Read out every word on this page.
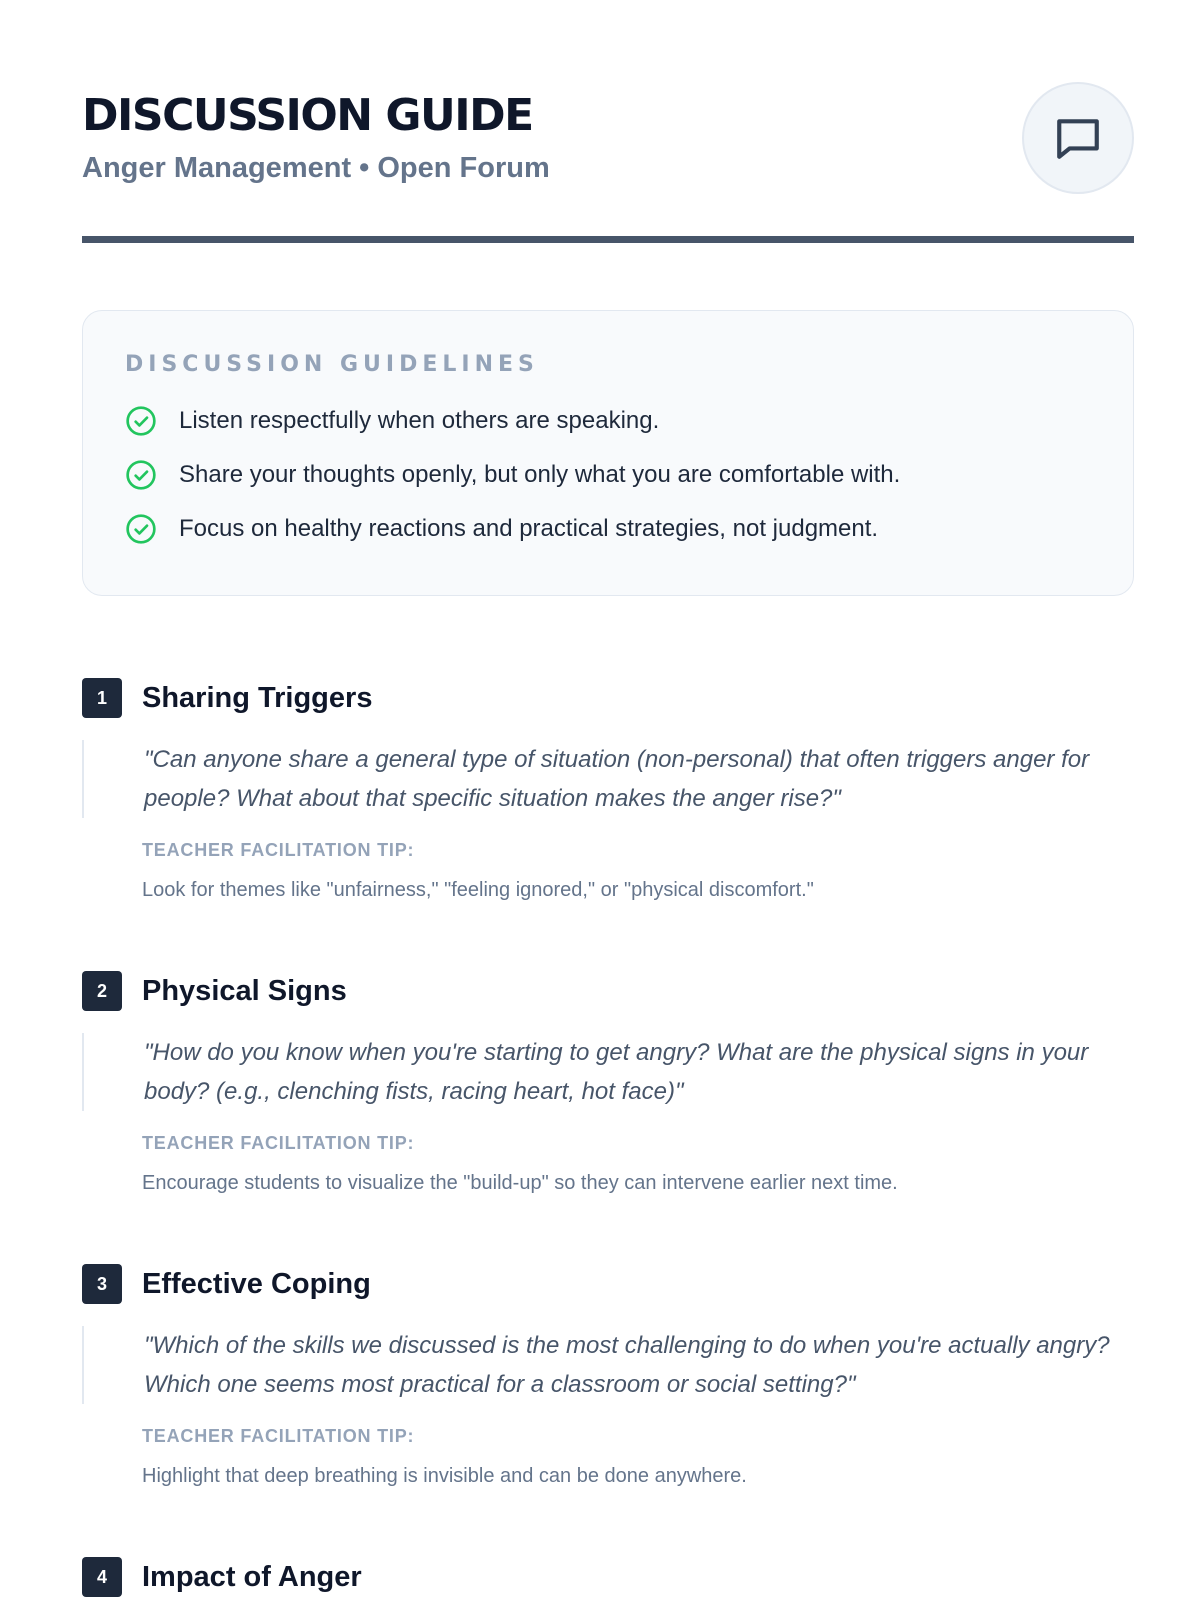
DISCUSSION GUIDE
Anger Management • Open Forum
DISCUSSION GUIDELINES
Listen respectfully when others are speaking.
Share your thoughts openly, but only what you are comfortable with.
Focus on healthy reactions and practical strategies, not judgment.
1	Sharing Triggers

"Can anyone share a general type of situation (non-personal) that often triggers anger for people? What about that specific situation makes the anger rise?"

TEACHER FACILITATION TIP:
Look for themes like "unfairness," "feeling ignored," or "physical discomfort."
2	Physical Signs

"How do you know when you're starting to get angry? What are the physical signs in your body? (e.g., clenching fists, racing heart, hot face)"

TEACHER FACILITATION TIP:
Encourage students to visualize the "build-up" so they can intervene earlier next time.
3	Effective Coping

"Which of the skills we discussed is the most challenging to do when you're actually angry? Which one seems most practical for a classroom or social setting?"

TEACHER FACILITATION TIP:
Highlight that deep breathing is invisible and can be done anywhere.
4	Impact of Anger
